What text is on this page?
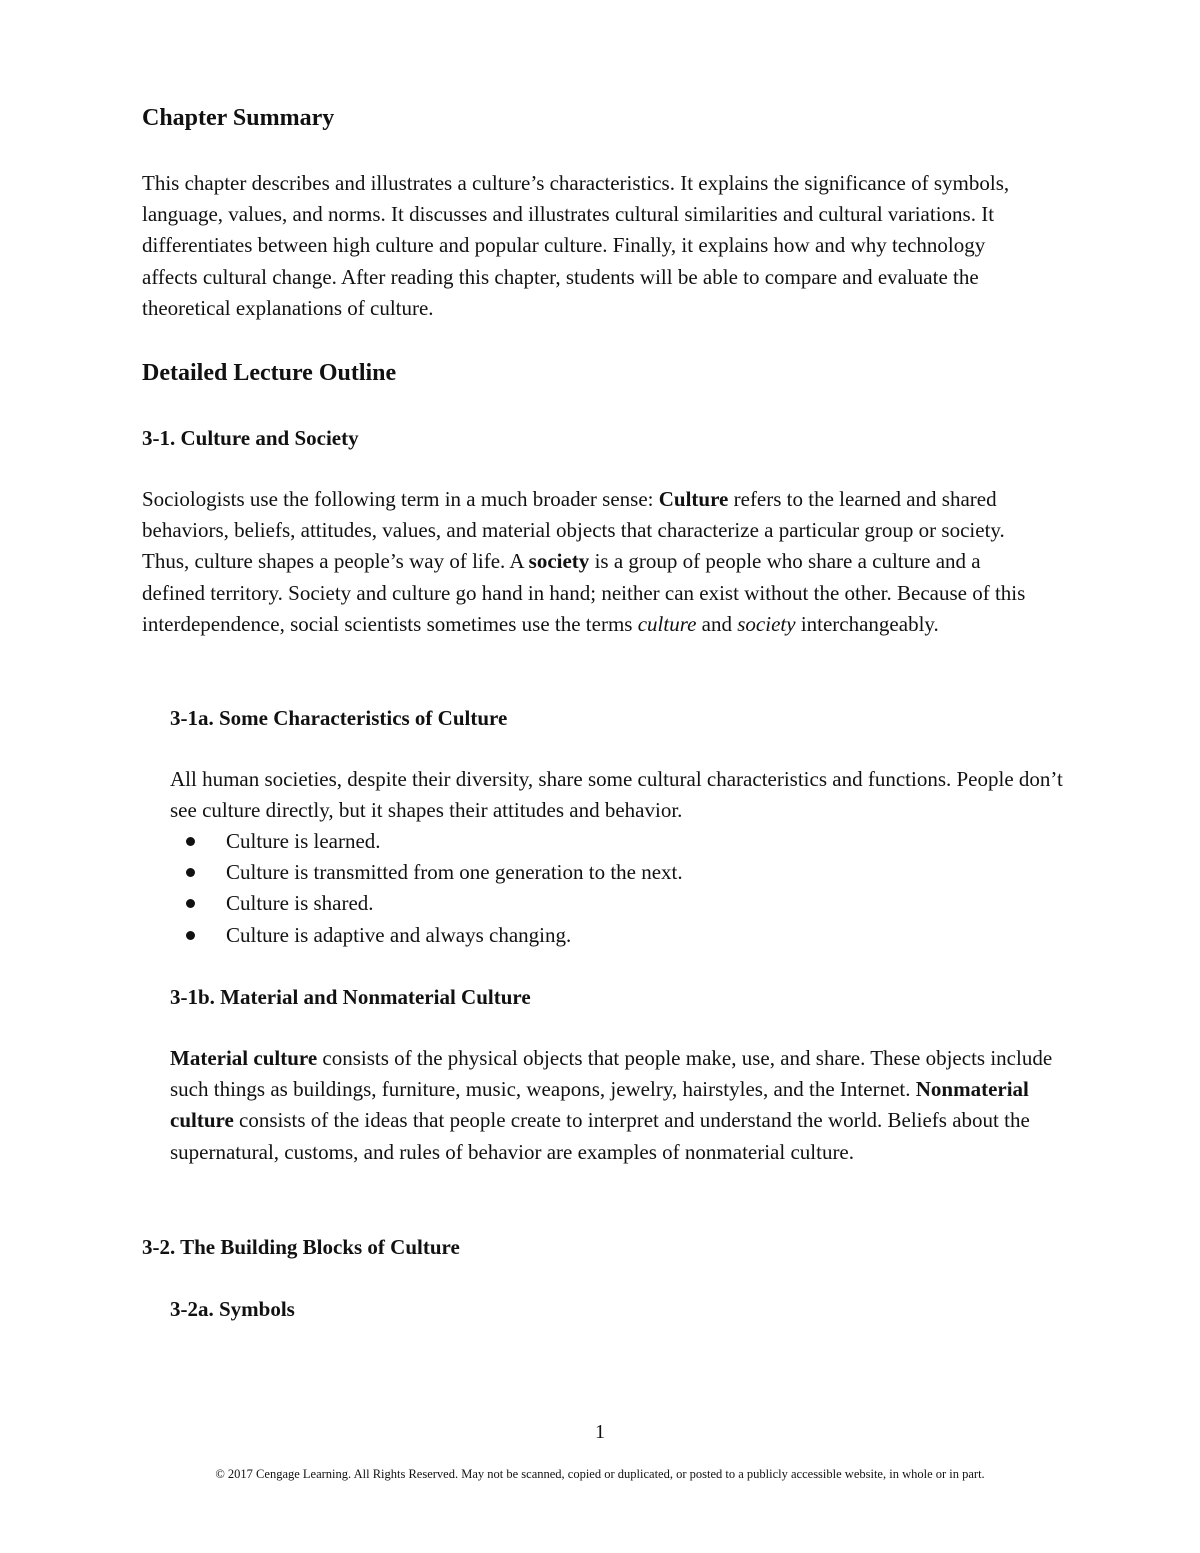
Chapter Summary

This chapter describes and illustrates a culture’s characteristics. It explains the significance of symbols, language, values, and norms. It discusses and illustrates cultural similarities and cultural variations. It differentiates between high culture and popular culture. Finally, it explains how and why technology affects cultural change. After reading this chapter, students will be able to compare and evaluate the theoretical explanations of culture.

Detailed Lecture Outline
3-1. Culture and Society

Sociologists use the following term in a much broader sense: Culture refers to the learned and shared behaviors, beliefs, attitudes, values, and material objects that characterize a particular group or society. Thus, culture shapes a people’s way of life. A society is a group of people who share a culture and a defined territory. Society and culture go hand in hand; neither can exist without the other. Because of this interdependence, social scientists sometimes use the terms culture and society interchangeably.

3-1a. Some Characteristics of Culture

All human societies, despite their diversity, share some cultural characteristics and functions. People don’t see culture directly, but it shapes their attitudes and behavior.

Culture is learned.
Culture is transmitted from one generation to the next.
Culture is shared.
Culture is adaptive and always changing.
3-1b. Material and Nonmaterial Culture

Material culture consists of the physical objects that people make, use, and share. These objects include such things as buildings, furniture, music, weapons, jewelry, hairstyles, and the Internet. Nonmaterial culture consists of the ideas that people create to interpret and understand the world. Beliefs about the supernatural, customs, and rules of behavior are examples of nonmaterial culture.

3-2. The Building Blocks of Culture
3-2a. Symbols
1
© 2017 Cengage Learning. All Rights Reserved. May not be scanned, copied or duplicated, or posted to a publicly accessible website, in whole or in part.
